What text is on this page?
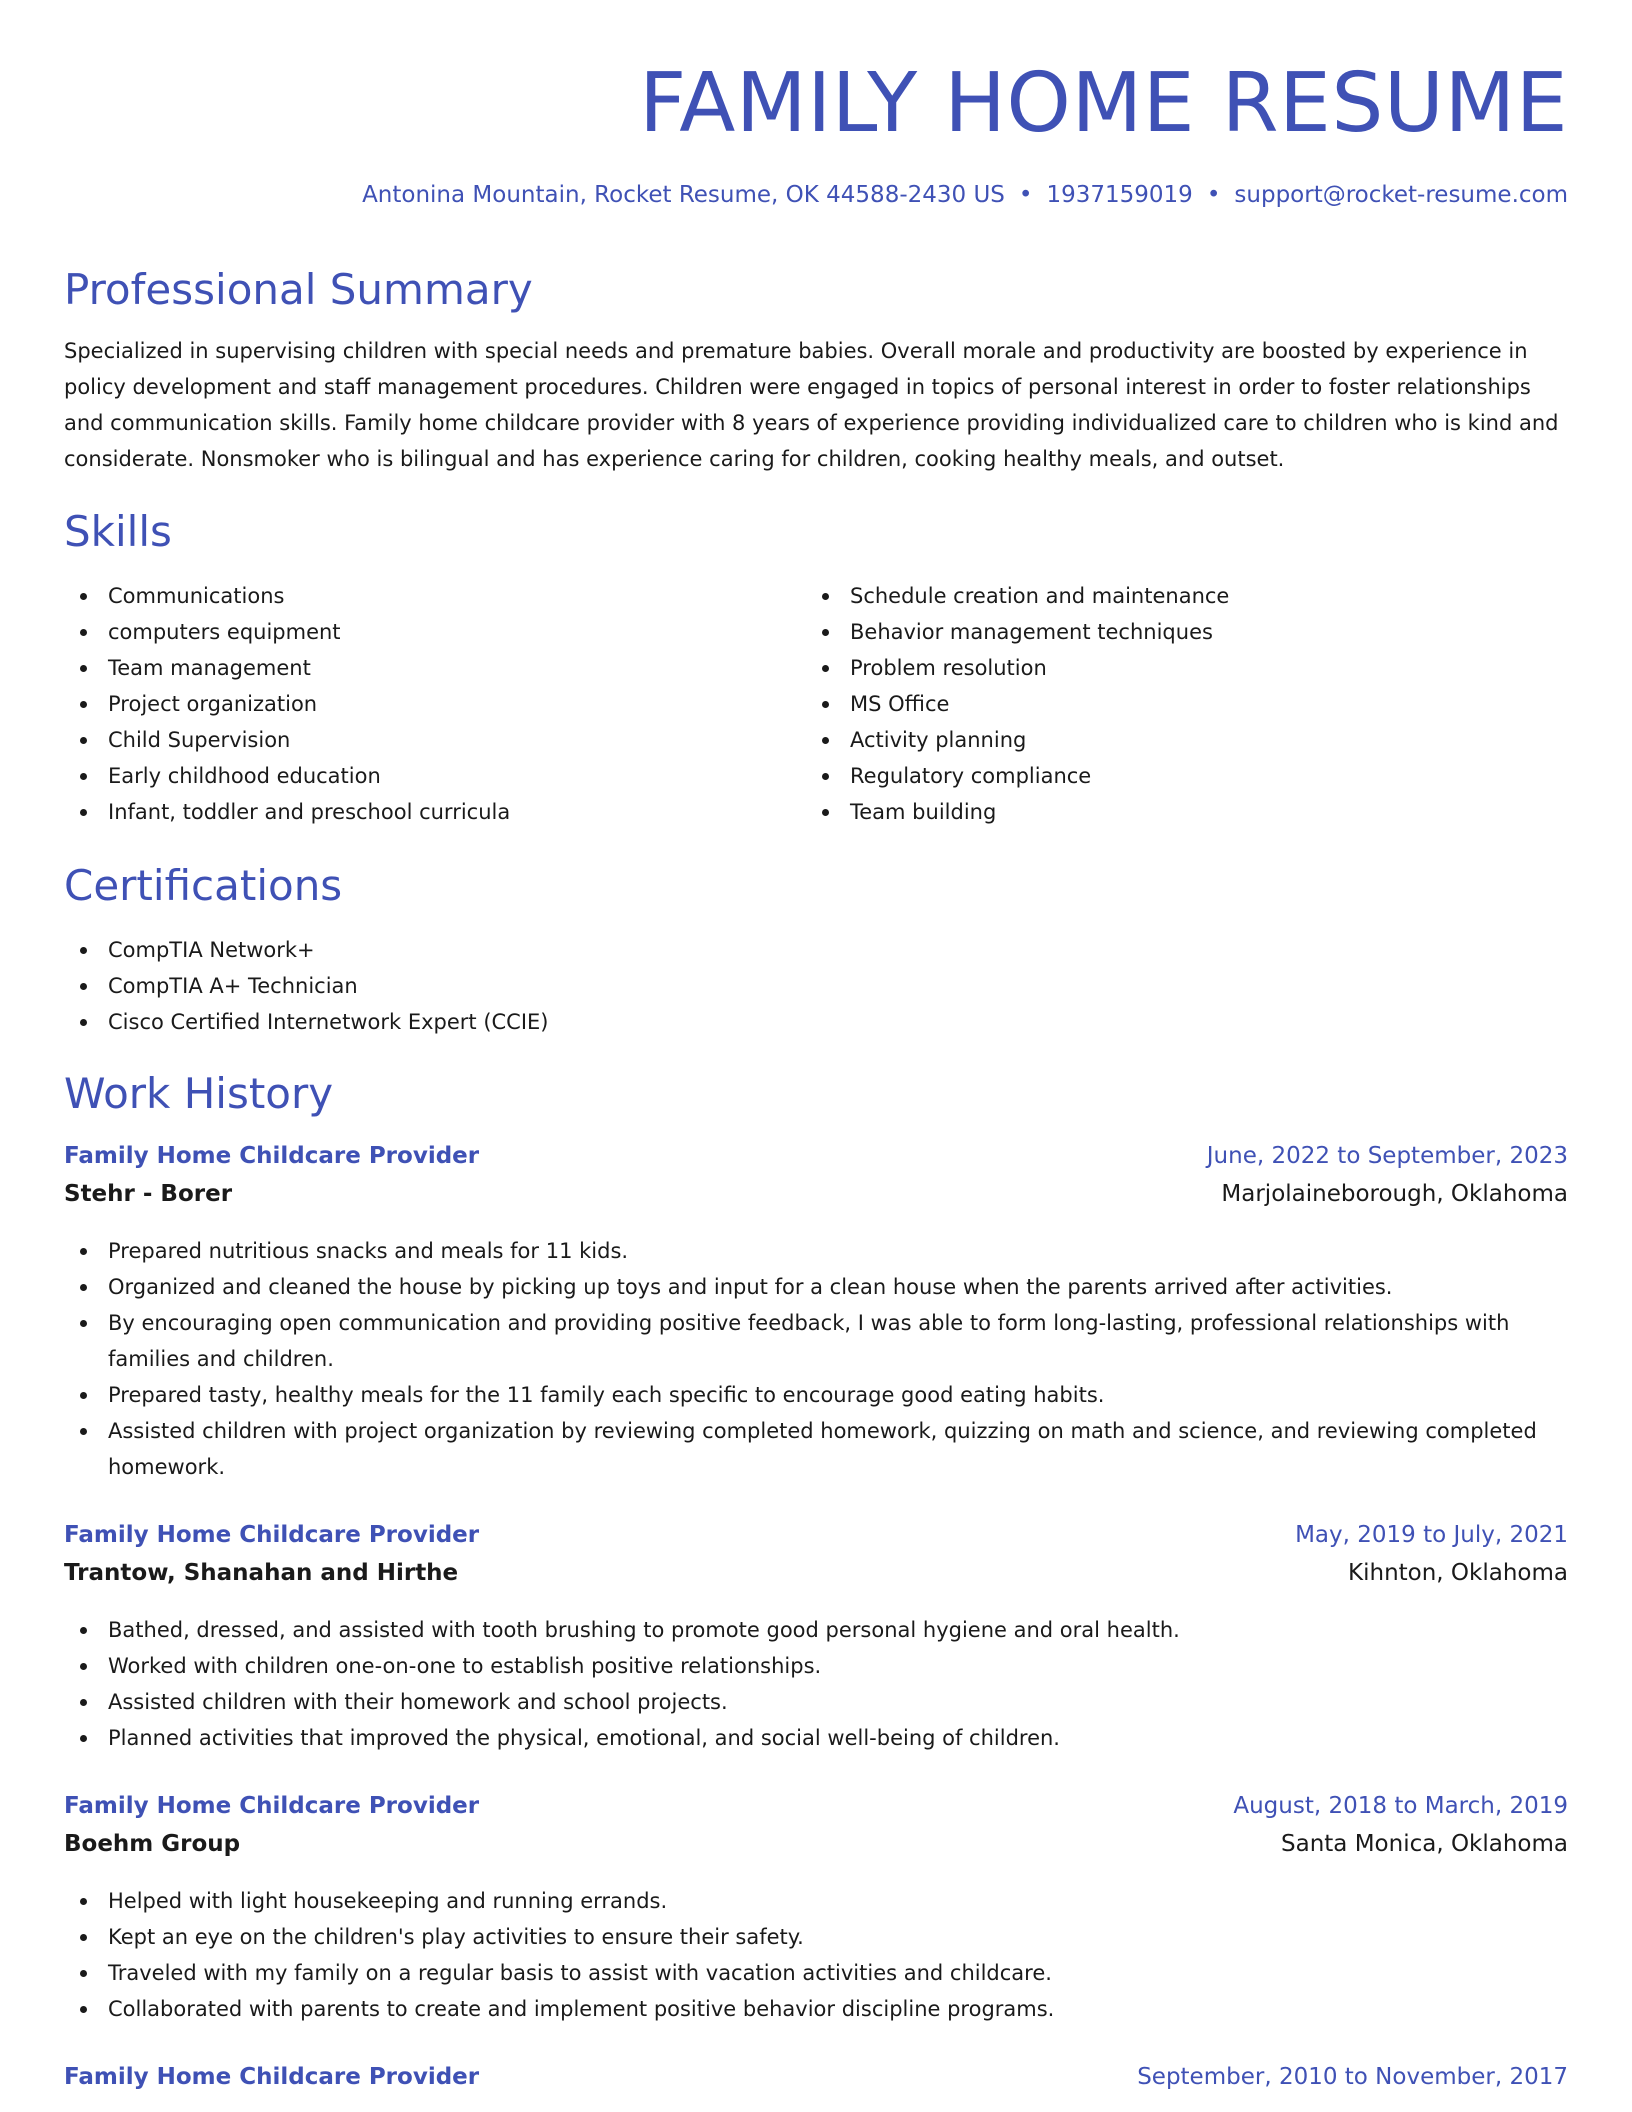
FAMILY HOME RESUME
Antonina Mountain, Rocket Resume, OK 44588-2430 US • 1937159019 • support@rocket-resume.com
Professional Summary

Specialized in supervising children with special needs and premature babies. Overall morale and productivity are boosted by experience in policy development and staff management procedures. Children were engaged in topics of personal interest in order to foster relationships and communication skills. Family home childcare provider with 8 years of experience providing individualized care to children who is kind and considerate. Nonsmoker who is bilingual and has experience caring for children, cooking healthy meals, and outset.

Skills
Communications
computers equipment
Team management
Project organization
Child Supervision
Early childhood education
Infant, toddler and preschool curricula
Schedule creation and maintenance
Behavior management techniques
Problem resolution
MS Office
Activity planning
Regulatory compliance
Team building
Certifications
CompTIA Network+
CompTIA A+ Technician
Cisco Certified Internetwork Expert (CCIE)
Work History
Family Home Childcare Provider	June, 2022 to September, 2023
Stehr - Borer	Marjolaineborough, Oklahoma
Prepared nutritious snacks and meals for 11 kids.
Organized and cleaned the house by picking up toys and input for a clean house when the parents arrived after activities.
By encouraging open communication and providing positive feedback, I was able to form long-lasting, professional relationships with families and children.
Prepared tasty, healthy meals for the 11 family each specific to encourage good eating habits.
Assisted children with project organization by reviewing completed homework, quizzing on math and science, and reviewing completed homework.
Family Home Childcare Provider	May, 2019 to July, 2021
Trantow, Shanahan and Hirthe	Kihnton, Oklahoma
Bathed, dressed, and assisted with tooth brushing to promote good personal hygiene and oral health.
Worked with children one-on-one to establish positive relationships.
Assisted children with their homework and school projects.
Planned activities that improved the physical, emotional, and social well-being of children.
Family Home Childcare Provider	August, 2018 to March, 2019
Boehm Group	Santa Monica, Oklahoma
Helped with light housekeeping and running errands.
Kept an eye on the children's play activities to ensure their safety.
Traveled with my family on a regular basis to assist with vacation activities and childcare.
Collaborated with parents to create and implement positive behavior discipline programs.
Family Home Childcare Provider	September, 2010 to November, 2017
